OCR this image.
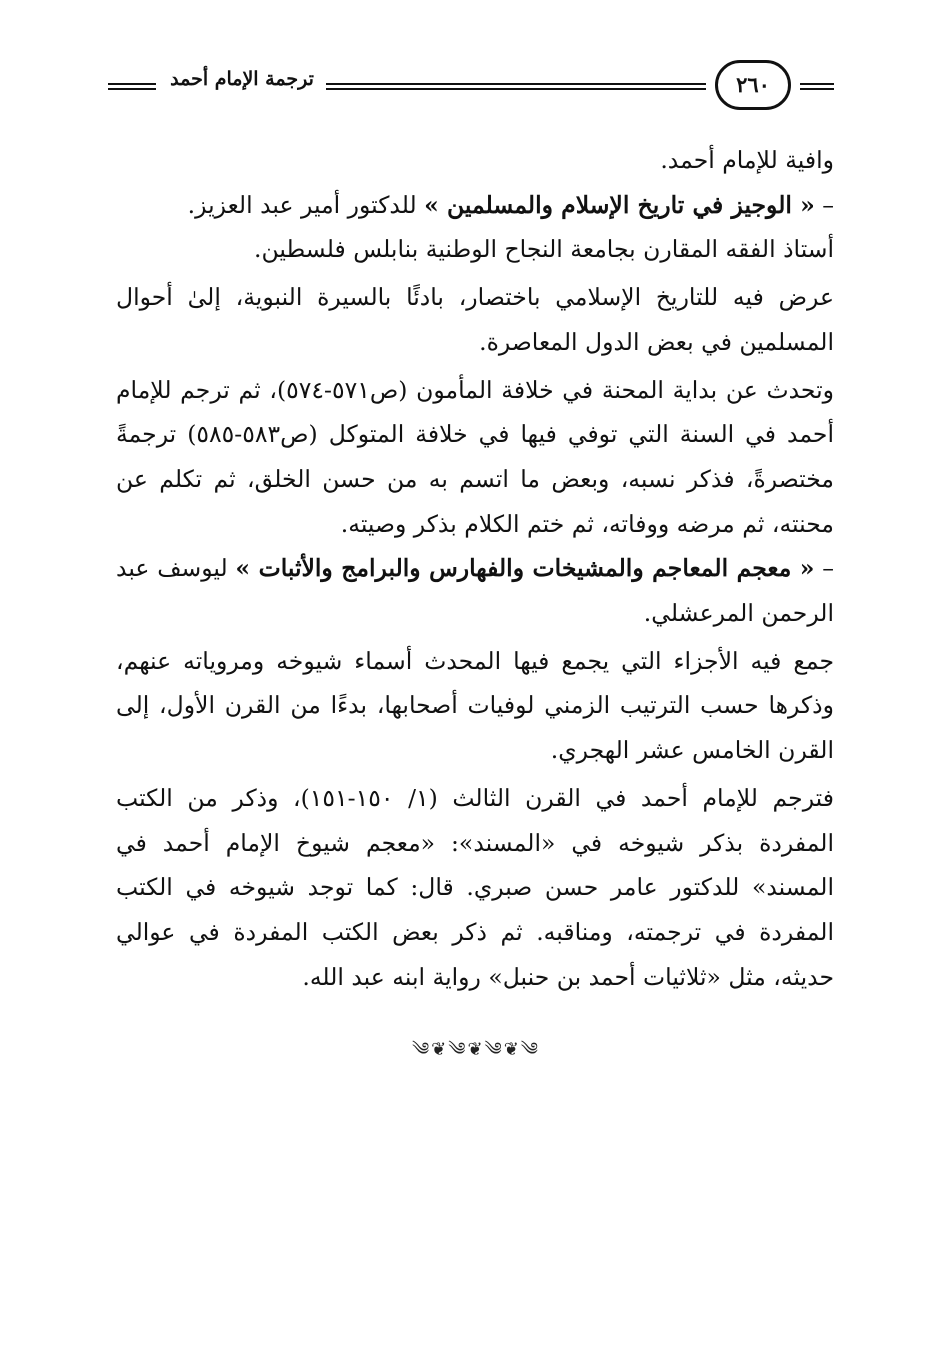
ترجمة الإمام أحمد	٢٦٠

وافية للإمام أحمد.

– « الوجيز في تاريخ الإسلام والمسلمين » للدكتور أمير عبد العزيز.

أستاذ الفقه المقارن بجامعة النجاح الوطنية بنابلس فلسطين.

عرض فيه للتاريخ الإسلامي باختصار، بادئًا بالسيرة النبوية، إلىٰ أحوال المسلمين في بعض الدول المعاصرة.

وتحدث عن بداية المحنة في خلافة المأمون (ص٥٧١-٥٧٤)، ثم ترجم للإمام أحمد في السنة التي توفي فيها في خلافة المتوكل (ص٥٨٣-٥٨٥) ترجمةً مختصرةً، فذكر نسبه، وبعض ما اتسم به من حسن الخلق، ثم تكلم عن محنته، ثم مرضه ووفاته، ثم ختم الكلام بذكر وصيته.

– « معجم المعاجم والمشيخات والفهارس والبرامج والأثبات » ليوسف عبد الرحمن المرعشلي.

جمع فيه الأجزاء التي يجمع فيها المحدث أسماء شيوخه ومروياته عنهم، وذكرها حسب الترتيب الزمني لوفيات أصحابها، بدءًا من القرن الأول، إلى القرن الخامس عشر الهجري.

فترجم للإمام أحمد في القرن الثالث (١/ ١٥٠-١٥١)، وذكر من الكتب المفردة بذكر شيوخه في «المسند»: «معجم شيوخ الإمام أحمد في المسند» للدكتور عامر حسن صبري. قال: كما توجد شيوخه في الكتب المفردة في ترجمته، ومناقبه. ثم ذكر بعض الكتب المفردة في عوالي حديثه، مثل «ثلاثيات أحمد بن حنبل» رواية ابنه عبد الله.

༄❦༄❦༄❦༄
